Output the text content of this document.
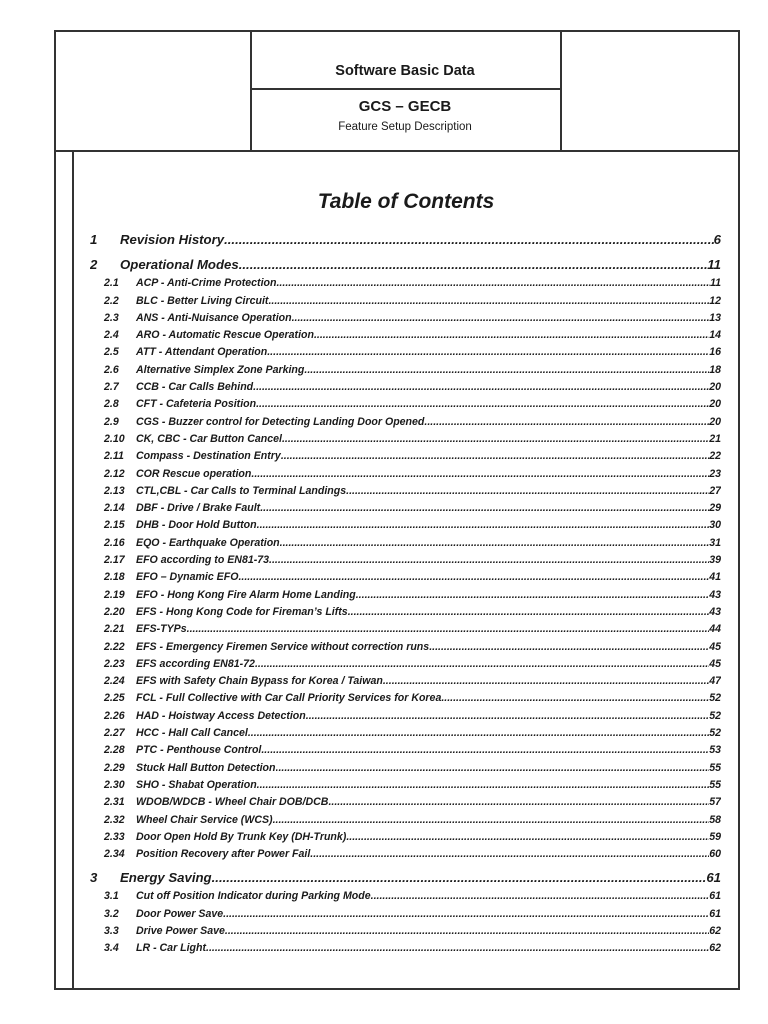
Software Basic Data
GCS – GECB
Feature Setup Description
Table of Contents
1	Revision History .....	6
2	Operational Modes .....	11
2.1	ACP - Anti-Crime Protection .....	11
2.2	BLC - Better Living Circuit .....	12
2.3	ANS - Anti-Nuisance Operation .....	13
2.4	ARO - Automatic Rescue Operation .....	14
2.5	ATT - Attendant Operation .....	16
2.6	Alternative Simplex Zone Parking .....	18
2.7	CCB - Car Calls Behind .....	20
2.8	CFT - Cafeteria Position .....	20
2.9	CGS - Buzzer control for Detecting Landing Door Opened .....	20
2.10	CK, CBC - Car Button Cancel .....	21
2.11	Compass - Destination Entry .....	22
2.12	COR Rescue operation .....	23
2.13	CTL,CBL - Car Calls to Terminal Landings .....	27
2.14	DBF - Drive / Brake Fault .....	29
2.15	DHB - Door Hold Button .....	30
2.16	EQO - Earthquake Operation .....	31
2.17	EFO according to EN81-73 .....	39
2.18	EFO – Dynamic EFO .....	41
2.19	EFO - Hong Kong Fire Alarm Home Landing .....	43
2.20	EFS - Hong Kong Code for Fireman’s Lifts .....	43
2.21	EFS-TYPs .....	44
2.22	EFS - Emergency Firemen Service without correction runs .....	45
2.23	EFS according EN81-72 .....	45
2.24	EFS with Safety Chain Bypass for Korea / Taiwan .....	47
2.25	FCL - Full Collective with Car Call Priority Services for Korea .....	52
2.26	HAD - Hoistway Access Detection .....	52
2.27	HCC - Hall Call Cancel .....	52
2.28	PTC - Penthouse Control .....	53
2.29	Stuck Hall Button Detection .....	55
2.30	SHO - Shabat Operation .....	55
2.31	WDOB/WDCB - Wheel Chair DOB/DCB .....	57
2.32	Wheel Chair Service (WCS) .....	58
2.33	Door Open Hold By Trunk Key (DH-Trunk) .....	59
2.34	Position Recovery after Power Fail .....	60
3	Energy Saving .....	61
3.1	Cut off Position Indicator during Parking Mode .....	61
3.2	Door Power Save .....	61
3.3	Drive Power Save .....	62
3.4	LR - Car Light .....	62
